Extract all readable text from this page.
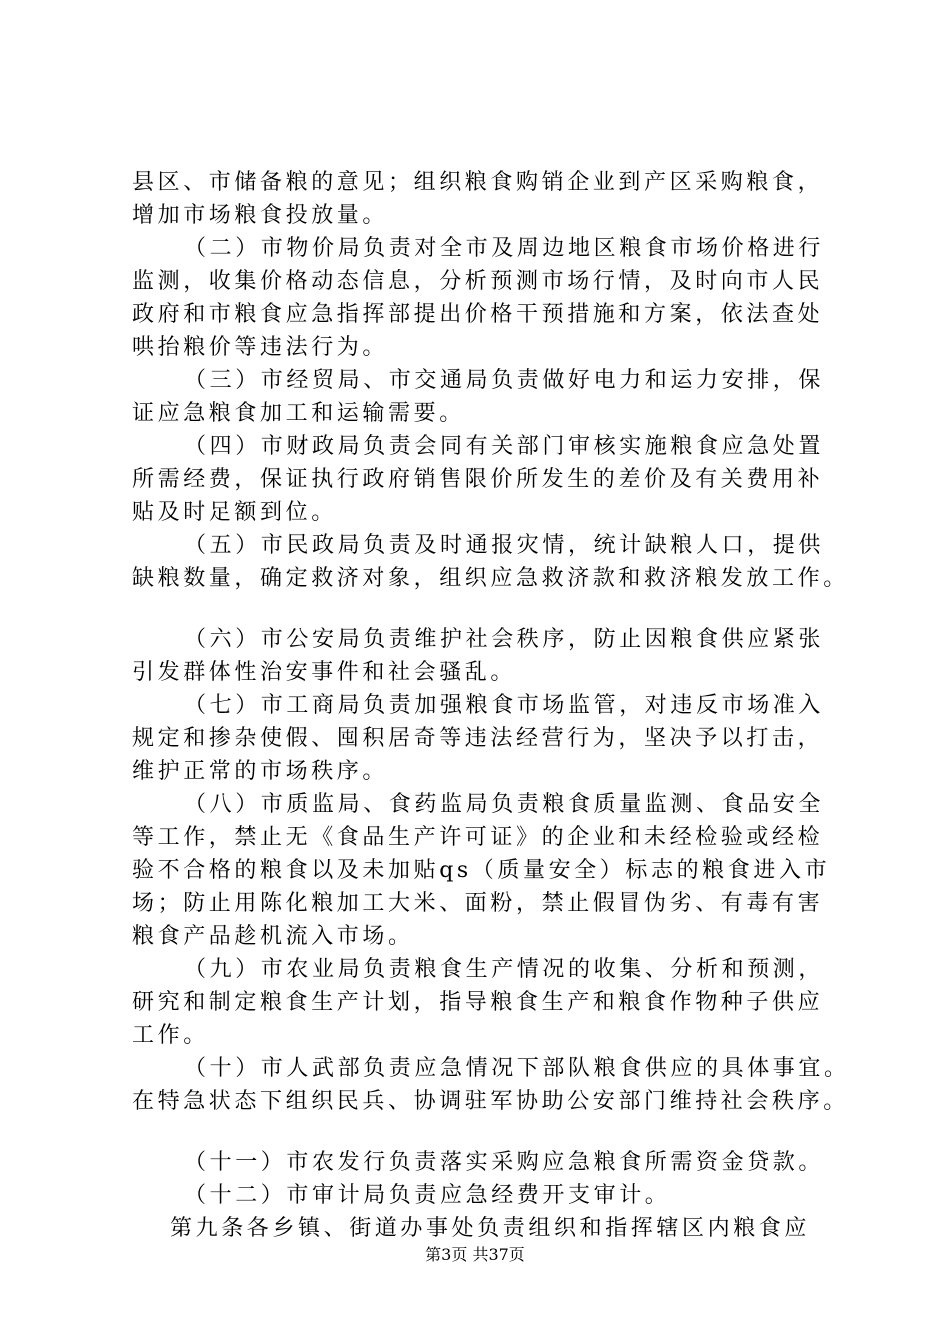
县区、市储备粮的意见；组织粮食购销企业到产区采购粮食，

增加市场粮食投放量。

（二）市物价局负责对全市及周边地区粮食市场价格进行

监测，收集价格动态信息，分析预测市场行情，及时向市人民

政府和市粮食应急指挥部提出价格干预措施和方案，依法查处

哄抬粮价等违法行为。

（三）市经贸局、市交通局负责做好电力和运力安排，保

证应急粮食加工和运输需要。

（四）市财政局负责会同有关部门审核实施粮食应急处置

所需经费，保证执行政府销售限价所发生的差价及有关费用补

贴及时足额到位。

（五）市民政局负责及时通报灾情，统计缺粮人口，提供

缺粮数量，确定救济对象，组织应急救济款和救济粮发放工作。

（六）市公安局负责维护社会秩序，防止因粮食供应紧张

引发群体性治安事件和社会骚乱。

（七）市工商局负责加强粮食市场监管，对违反市场准入

规定和掺杂使假、囤积居奇等违法经营行为，坚决予以打击，

维护正常的市场秩序。

（八）市质监局、食药监局负责粮食质量监测、食品安全

等工作，禁止无《食品生产许可证》的企业和未经检验或经检

验不合格的粮食以及未加贴qs（质量安全）标志的粮食进入市

场；防止用陈化粮加工大米、面粉，禁止假冒伪劣、有毒有害

粮食产品趁机流入市场。

（九）市农业局负责粮食生产情况的收集、分析和预测，

研究和制定粮食生产计划，指导粮食生产和粮食作物种子供应

工作。

（十）市人武部负责应急情况下部队粮食供应的具体事宜。

在特急状态下组织民兵、协调驻军协助公安部门维持社会秩序。

（十一）市农发行负责落实采购应急粮食所需资金贷款。

（十二）市审计局负责应急经费开支审计。

第九条各乡镇、街道办事处负责组织和指挥辖区内粮食应

第3页 共37页
